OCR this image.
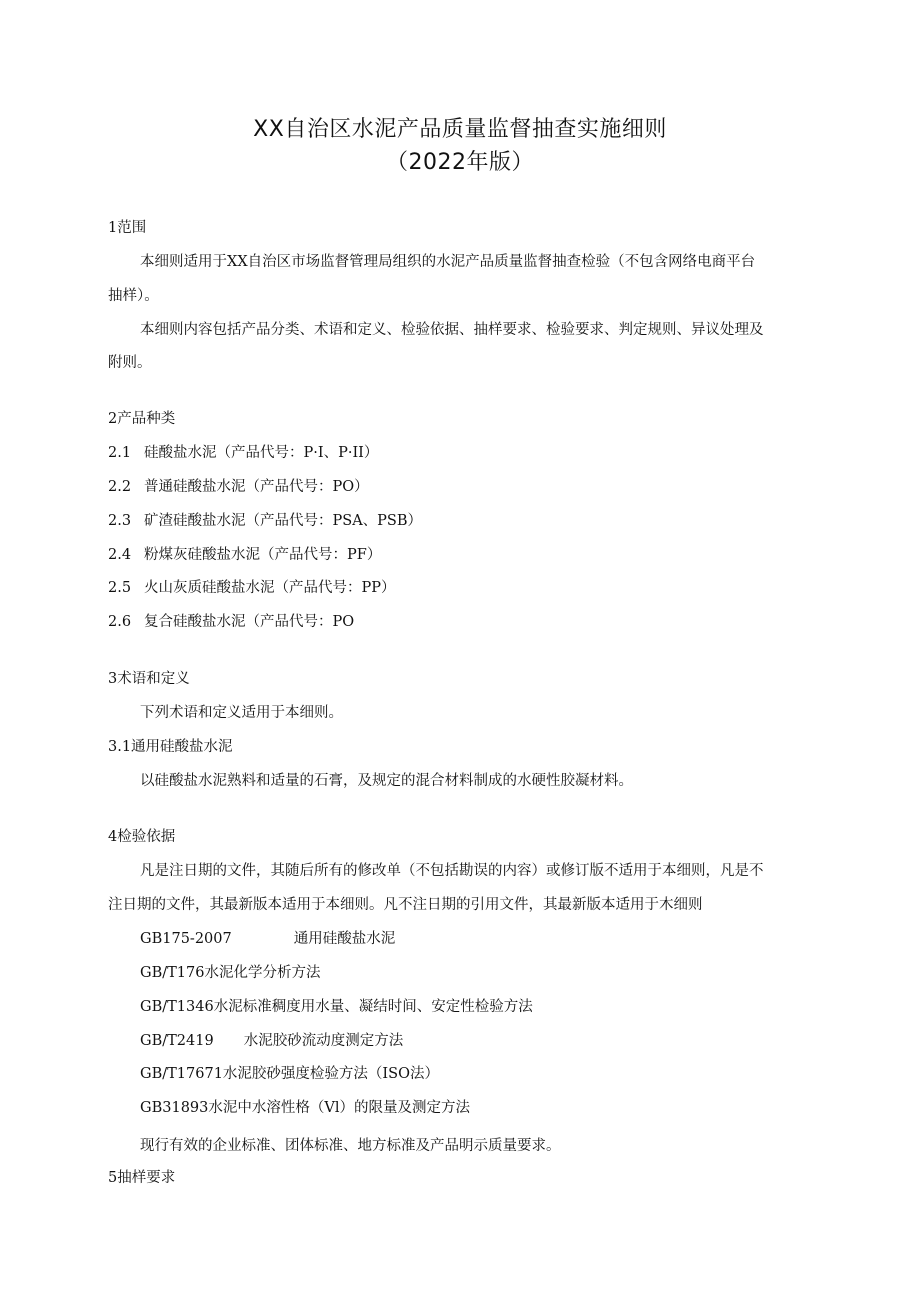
XX自治区水泥产品质量监督抽查实施细则
（2022年版）
1范围
本细则适用于XX自治区市场监督管理局组织的水泥产品质量监督抽查检验（不包含网络电商平台
抽样）。
本细则内容包括产品分类、术语和定义、检验依据、抽样要求、检验要求、判定规则、异议处理及
附则。
2产品种类
2.1 硅酸盐水泥（产品代号：P·I、P·II）
2.2 普通硅酸盐水泥（产品代号：PO）
2.3 矿渣硅酸盐水泥（产品代号：PSA、PSB）
2.4 粉煤灰硅酸盐水泥（产品代号：PF）
2.5 火山灰质硅酸盐水泥（产品代号：PP）
2.6 复合硅酸盐水泥（产品代号：PO
3术语和定义
下列术语和定义适用于本细则。
3.1通用硅酸盐水泥
以硅酸盐水泥熟料和适量的石膏，及规定的混合材料制成的水硬性胶凝材料。
4检验依据
凡是注日期的文件，其随后所有的修改单（不包括勘误的内容）或修订版不适用于本细则，凡是不
注日期的文件，其最新版本适用于本细则。凡不注日期的引用文件，其最新版本适用于木细则
GB175-2007	通用硅酸盐水泥
GB/T176水泥化学分析方法
GB/T1346水泥标准稠度用水量、凝结时间、安定性检验方法
GB/T2419 水泥胶砂流动度测定方法
GB/T17671水泥胶砂强度检验方法（ISO法）
GB31893水泥中水溶性格（Vl）的限量及测定方法
现行有效的企业标准、团体标准、地方标准及产品明示质量要求。
5抽样要求
